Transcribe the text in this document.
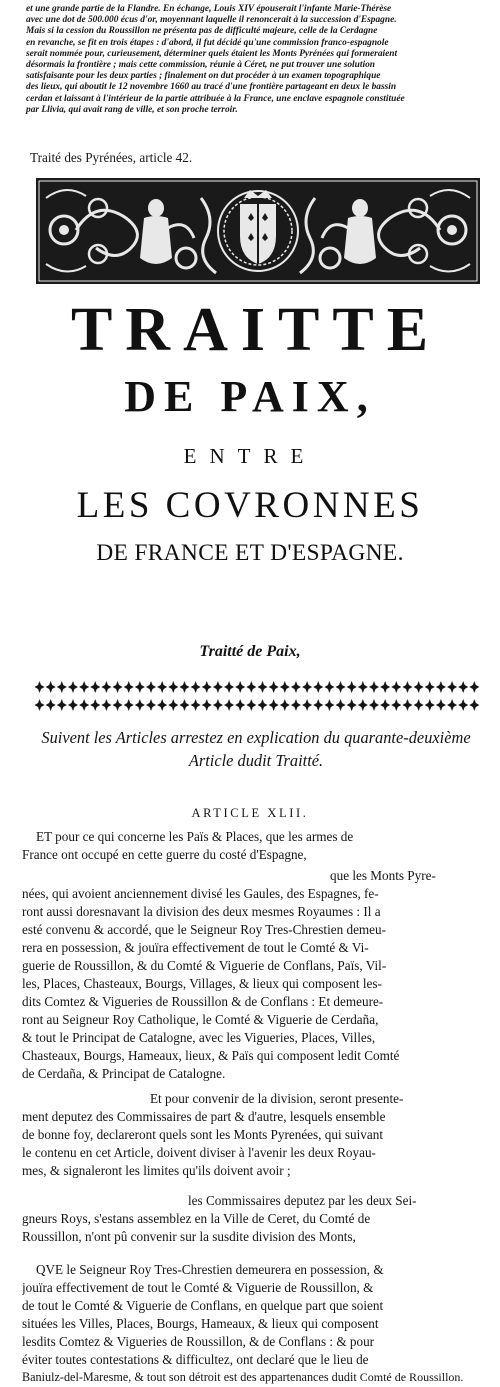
et une grande partie de la Flandre. En échange, Louis XIV épouserait l'infante Marie-Thérèse

avec une dot de 500.000 écus d'or, moyennant laquelle il renoncerait à la succession d'Espagne.

Mais si la cession du Roussillon ne présenta pas de difficulté majeure, celle de la Cerdagne

en revanche, se fit en trois étapes : d'abord, il fut décidé qu'une commission franco-espagnole

serait nommée pour, curieusement, déterminer quels étaient les Monts Pyrénées qui formeraient

désormais la frontière ; mais cette commission, réunie à Céret, ne put trouver une solution

satisfaisante pour les deux parties ; finalement on dut procéder à un examen topographique

des lieux, qui aboutit le 12 novembre 1660 au tracé d'une frontière partageant en deux le bassin

cerdan et laissant à l'intérieur de la partie attribuée à la France, une enclave espagnole constituée

par Llivia, qui avait rang de ville, et son proche terroir.

Traité des Pyrénées, article 42.
TRAITTE
DE PAIX,
ENTRE
LES COVRONNES
DE FRANCE ET D'ESPAGNE.
Traitté de Paix,
Suivent les Articles arrestez en explication du quarante-deuxième Article dudit Traitté.
ARTICLE XLII.
ET pour ce qui concerne les Païs & Places, que les armes de
France ont occupé en cette guerre du costé d'Espagne,
que les Monts Pyre-
nées, qui avoient anciennement divisé les Gaules, des Espagnes, fe-
ront aussi doresnavant la division des deux mesmes Royaumes : Il a
esté convenu & accordé, que le Seigneur Roy Tres-Chrestien demeu-
rera en possession, & jouïra effectivement de tout le Comté & Vi-
guerie de Roussillon, & du Comté & Viguerie de Conflans, Païs, Vil-
les, Places, Chasteaux, Bourgs, Villages, & lieux qui composent les-
dits Comtez & Vigueries de Roussillon & de Conflans : Et demeure-
ront au Seigneur Roy Catholique, le Comté & Viguerie de Cerdaña,
& tout le Principat de Catalogne, avec les Vigueries, Places, Villes,
Chasteaux, Bourgs, Hameaux, lieux, & Païs qui composent ledit Comté
de Cerdaña, & Principat de Catalogne.
Et pour convenir de la division, seront presente-
ment deputez des Commissaires de part & d'autre, lesquels ensemble
de bonne foy, declareront quels sont les Monts Pyrenées, qui suivant
le contenu en cet Article, doivent diviser à l'avenir les deux Royau-
mes, & signaleront les limites qu'ils doivent avoir ;
les Commissaires deputez par les deux Sei-
gneurs Roys, s'estans assemblez en la Ville de Ceret, du Comté de
Roussillon, n'ont pû convenir sur la susdite division des Monts,
QVE le Seigneur Roy Tres-Chrestien demeurera en possession, &
jouïra effectivement de tout le Comté & Viguerie de Roussillon, &
de tout le Comté & Viguerie de Conflans, en quelque part que soient
situées les Villes, Places, Bourgs, Hameaux, & lieux qui composent
lesdits Comtez & Vigueries de Roussillon, & de Conflans : & pour
éviter toutes contestations & difficultez, ont declaré que le lieu de
Baniulz-del-Maresme, & tout son détroit est des appartenances dudit Comté de Roussillon.
